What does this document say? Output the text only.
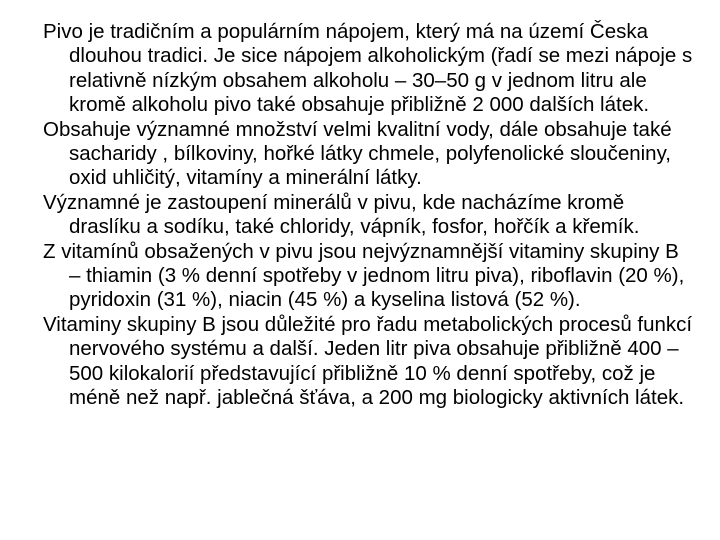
Pivo je tradičním a populárním nápojem, který má na území Česka dlouhou tradici. Je sice nápojem alkoholickým (řadí se mezi nápoje s relativně nízkým obsahem alkoholu – 30–50 g v jednom litru ale kromě alkoholu pivo také obsahuje přibližně 2 000 dalších látek.

Obsahuje významné množství velmi kvalitní vody, dále obsahuje také sacharidy , bílkoviny, hořké látky chmele, polyfenolické sloučeniny, oxid uhličitý, vitamíny a minerální látky.

Významné je zastoupení minerálů v pivu, kde nacházíme kromě draslíku a sodíku, také chloridy, vápník, fosfor, hořčík a křemík.

Z vitamínů obsažených v pivu jsou nejvýznamnější vitaminy skupiny B – thiamin (3 % denní spotřeby v jednom litru piva), riboflavin (20 %), pyridoxin (31 %), niacin (45 %) a kyselina listová (52 %).

Vitaminy skupiny B jsou důležité pro řadu metabolických procesů funkcí nervového systému a další. Jeden litr piva obsahuje přibližně 400 – 500 kilokalorií představující přibližně 10 % denní spotřeby, což je méně než např. jablečná šťáva, a 200 mg biologicky aktivních látek.
